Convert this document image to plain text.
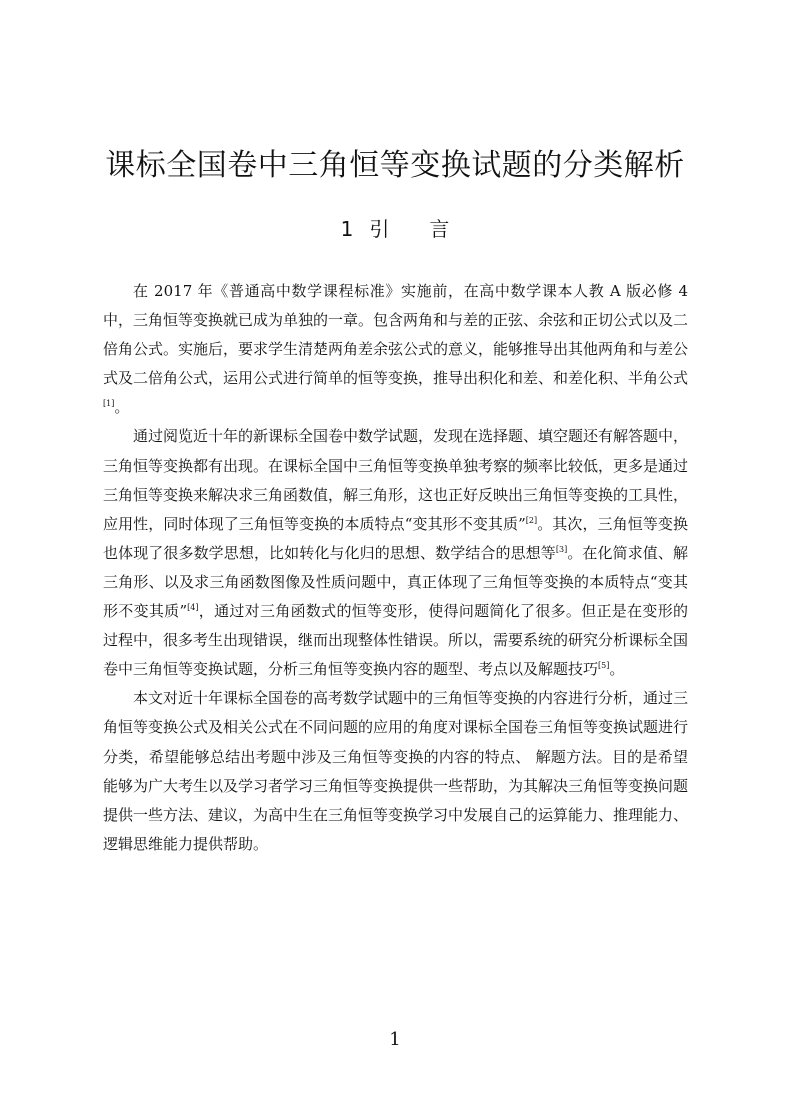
课标全国卷中三角恒等变换试题的分类解析
1 引 言

在 2017 年《普通高中数学课程标准》实施前，在高中数学课本人教 A 版必修 4 中，三角恒等变换就已成为单独的一章。包含两角和与差的正弦、余弦和正切公式以及二倍角公式。实施后，要求学生清楚两角差余弦公式的意义，能够推导出其他两角和与差公式及二倍角公式，运用公式进行简单的恒等变换，推导出积化和差、和差化积、半角公式[1]。

通过阅览近十年的新课标全国卷中数学试题，发现在选择题、填空题还有解答题中，三角恒等变换都有出现。在课标全国中三角恒等变换单独考察的频率比较低，更多是通过三角恒等变换来解决求三角函数值，解三角形，这也正好反映出三角恒等变换的工具性，应用性，同时体现了三角恒等变换的本质特点“变其形不变其质”[2]。其次，三角恒等变换也体现了很多数学思想，比如转化与化归的思想、数学结合的思想等[3]。在化简求值、解三角形、以及求三角函数图像及性质问题中，真正体现了三角恒等变换的本质特点“变其形不变其质”[4]，通过对三角函数式的恒等变形，使得问题简化了很多。但正是在变形的过程中，很多考生出现错误，继而出现整体性错误。所以，需要系统的研究分析课标全国卷中三角恒等变换试题，分析三角恒等变换内容的题型、考点以及解题技巧[5]。

本文对近十年课标全国卷的高考数学试题中的三角恒等变换的内容进行分析，通过三角恒等变换公式及相关公式在不同问题的应用的角度对课标全国卷三角恒等变换试题进行分类，希望能够总结出考题中涉及三角恒等变换的内容的特点、 解题方法。目的是希望能够为广大考生以及学习者学习三角恒等变换提供一些帮助，为其解决三角恒等变换问题提供一些方法、建议，为高中生在三角恒等变换学习中发展自己的运算能力、推理能力、逻辑思维能力提供帮助。

1
